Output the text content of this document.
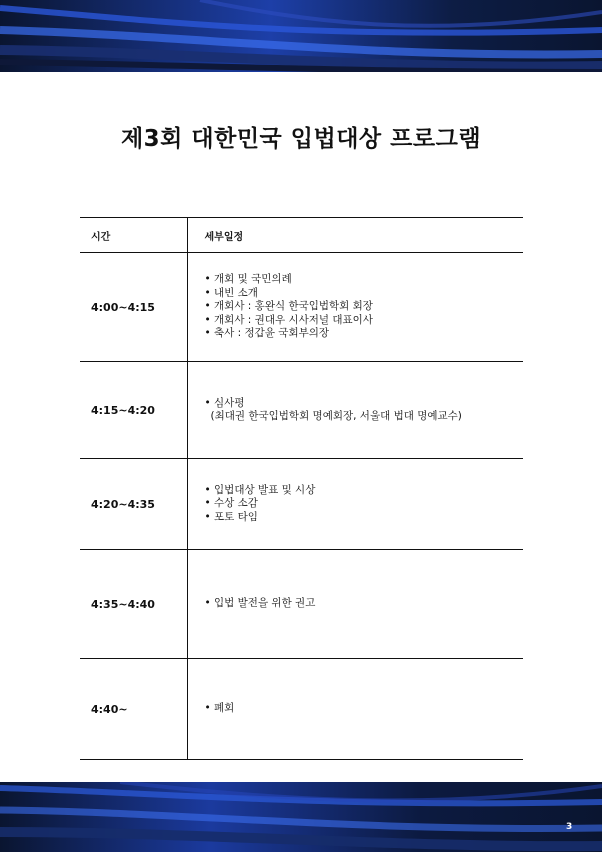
제3회 대한민국 입법대상 프로그램
시간	세부일정
4:00~4:15	• 개회 및 국민의례
• 내빈 소개
• 개회사 : 홍완식 한국입법학회 회장
• 개회사 : 권대우 시사저널 대표이사
• 축사 : 정갑윤 국회부의장

4:15~4:20	• 심사평
(최대권 한국입법학회 명예회장, 서울대 법대 명예교수)

4:20~4:35	• 입법대상 발표 및 시상
• 수상 소감
• 포토 타임

4:35~4:40	• 입법 발전을 위한 권고

4:40~	• 폐회
3
